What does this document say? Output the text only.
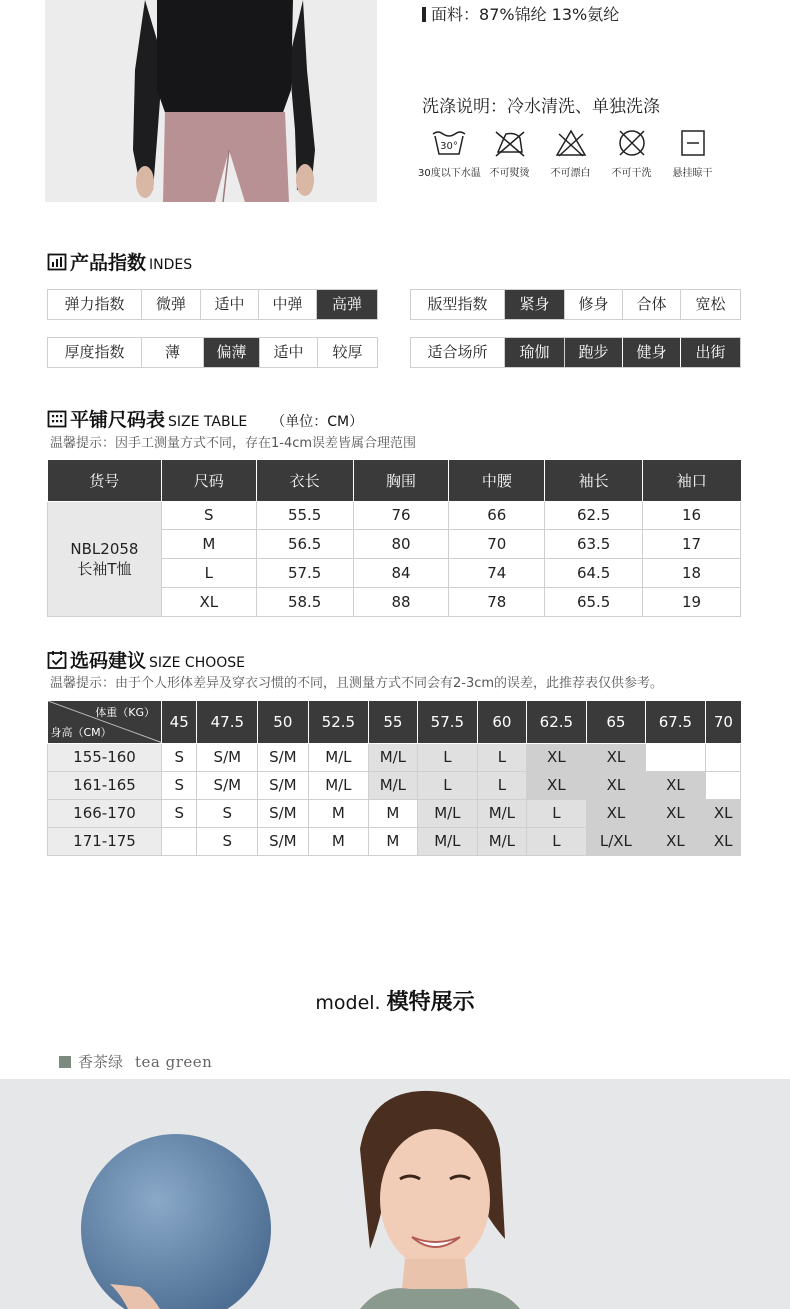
面料：87%锦纶 13%氨纶
洗涤说明：冷水清洗、单独洗涤
30°
30度以下水温 不可熨烫	不可漂白	不可干洗	悬挂晾干
产品指数 INDES
弹力指数	微弹	适中	中弹	高弹	版型指数	紧身	修身	合体	宽松
厚度指数	薄	偏薄	适中	较厚	适合场所	瑜伽	跑步	健身	出街
平铺尺码表 SIZE TABLE （单位：CM）
温馨提示：因手工测量方式不同，存在1-4cm误差皆属合理范围
货号	尺码	衣长	胸围	中腰	袖长	袖口
NBL2058
长袖T恤	S	55.5	76	66	62.5	16
	M	56.5	80	70	63.5	17
	L	57.5	84	74	64.5	18
	XL	58.5	88	78	65.5	19
选码建议 SIZE CHOOSE
温馨提示：由于个人形体差异及穿衣习惯的不同，且测量方式不同会有2-3cm的误差，此推荐表仅供参考。
体重（KG）
身高（CM）	45	47.5	50	52.5	55	57.5	60	62.5	65	67.5	70
155-160	S	S/M	S/M	M/L	M/L	L	L	XL	XL		
161-165	S	S/M	S/M	M/L	M/L	L	L	XL	XL	XL	
166-170	S	S	S/M	M	M	M/L	M/L	L	XL	XL	XL
171-175		S	S/M	M	M	M/L	M/L	L	L/XL	XL	XL
model. 模特展示
香茶绿 tea green
